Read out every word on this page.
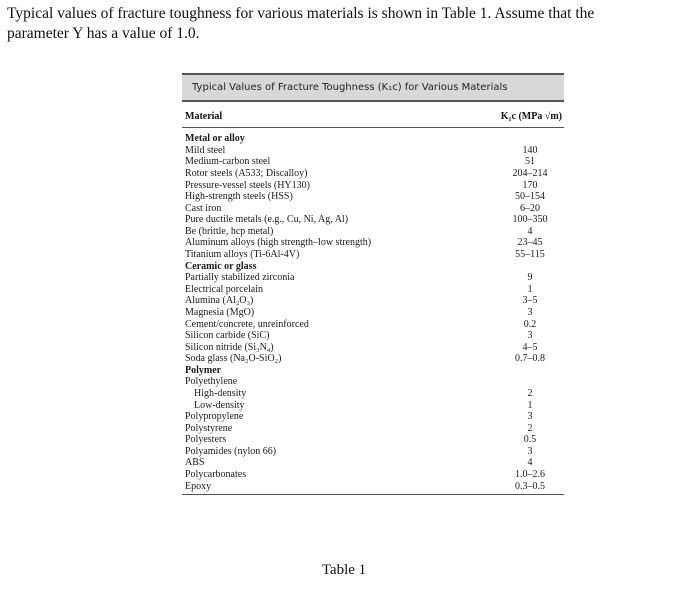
Typical values of fracture toughness for various materials is shown in Table 1. Assume that the
parameter Y has a value of 1.0.
Typical Values of Fracture Toughness (K₁c) for Various Materials
Material	K₁c (MPa √m)
Metal or alloy
Mild steel	140
Medium-carbon steel	51
Rotor steels (A533; Discalloy)	204–214
Pressure-vessel steels (HY130)	170
High-strength steels (HSS)	50–154
Cast iron	6–20
Pure ductile metals (e.g., Cu, Ni, Ag, Al)	100–350
Be (brittle, hcp metal)	4
Aluminum alloys (high strength–low strength)	23–45
Titanium alloys (Ti-6Al-4V)	55–115
Ceramic or glass
Partially stabilized zirconia	9
Electrical porcelain	1
Alumina (Al₂O₃)	3–5
Magnesia (MgO)	3
Cement/concrete, unreinforced	0.2
Silicon carbide (SiC)	3
Silicon nitride (Si₃N₄)	4–5
Soda glass (Na₂O-SiO₂)	0.7–0.8
Polymer
Polyethylene
High-density	2
Low-density	1
Polypropylene	3
Polystyrene	2
Polyesters	0.5
Polyamides (nylon 66)	3
ABS	4
Polycarbonates	1.0–2.6
Epoxy	0.3–0.5
Table 1
